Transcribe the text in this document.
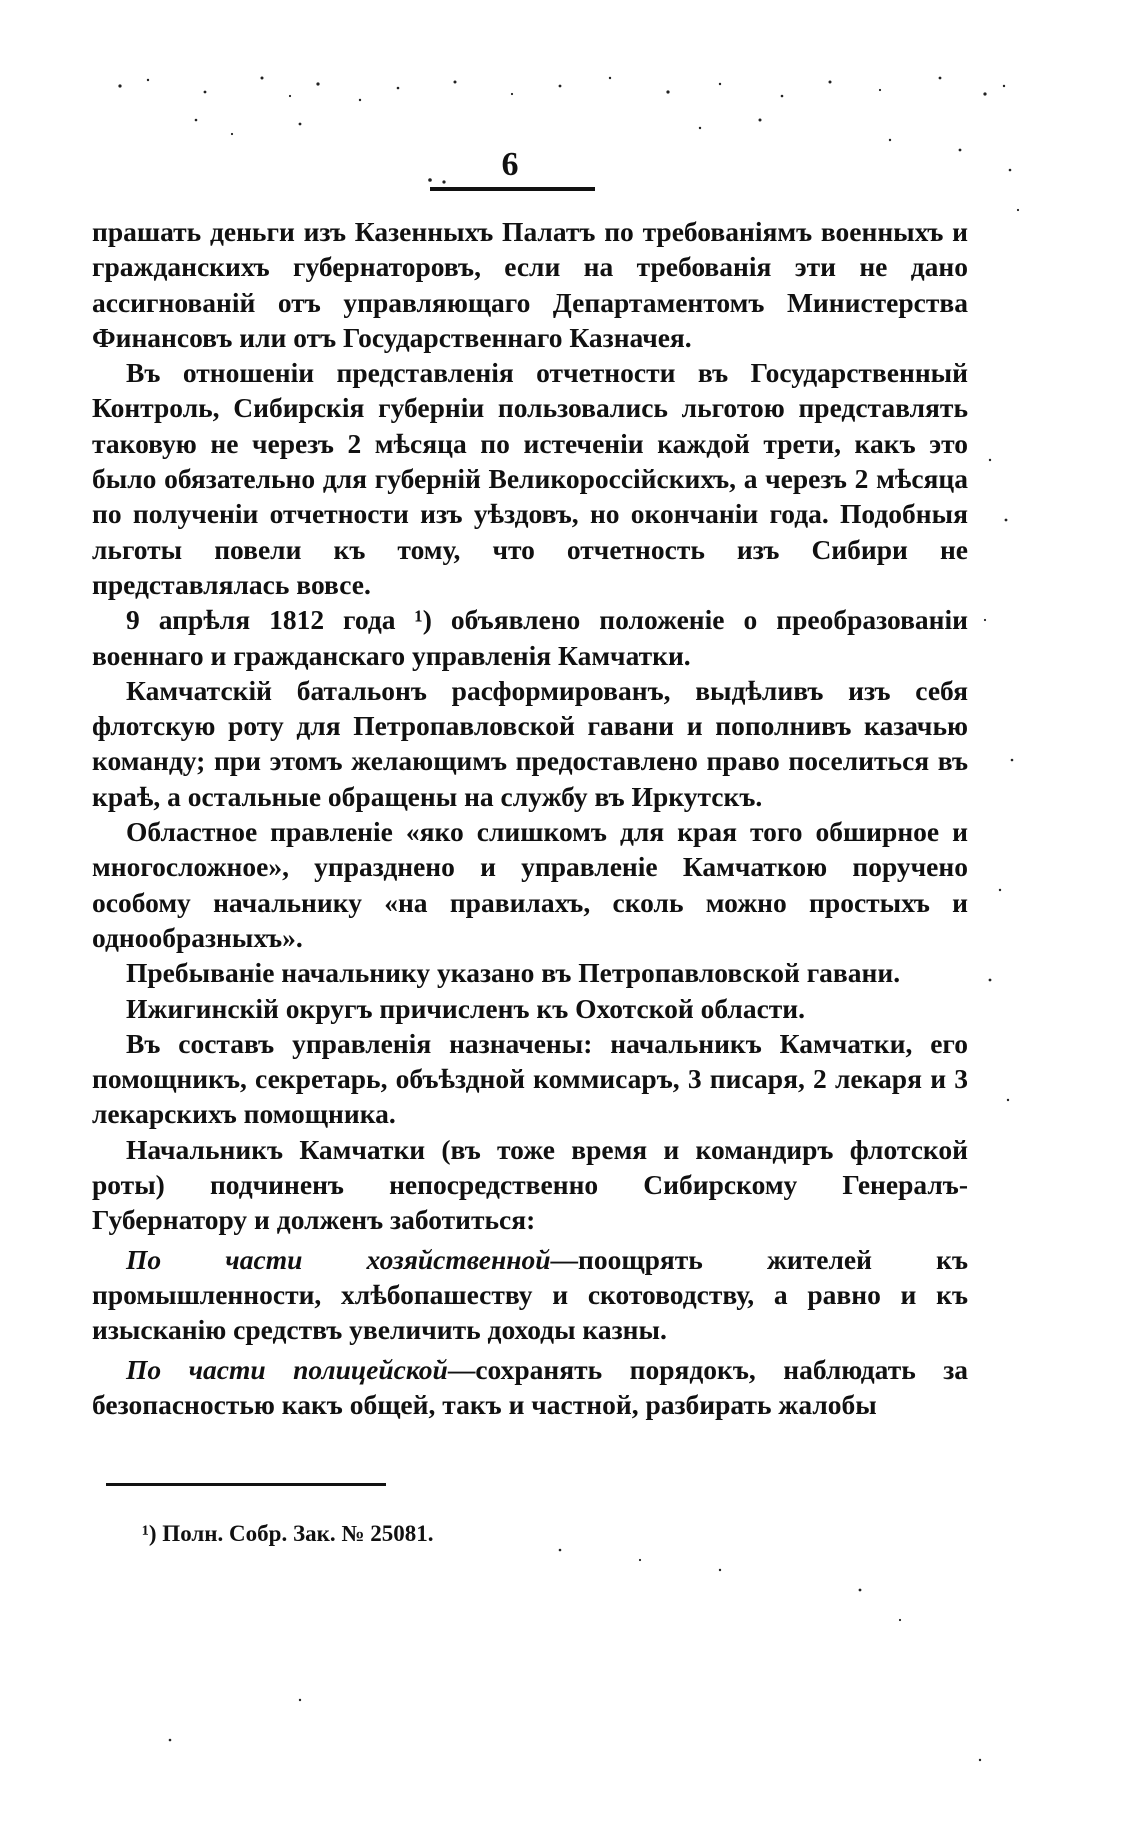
6

прашать деньги изъ Казенныхъ Палатъ по требованіямъ военныхъ и гражданскихъ губернаторовъ, если на требованія эти не дано ассигнованій отъ управляющаго Департаментомъ Министерства Финансовъ или отъ Государственнаго Казначея.

Въ отношеніи представленія отчетности въ Государственный Контроль, Сибирскія губерніи пользовались льготою представлять таковую не черезъ 2 мѣсяца по истеченіи каждой трети, какъ это было обязательно для губерній Великороссійскихъ, а черезъ 2 мѣсяца по полученіи отчетности изъ уѣздовъ, но окончаніи года. Подобныя льготы повели къ тому, что отчетность изъ Сибири не представлялась вовсе.

9 апрѣля 1812 года ¹) объявлено положеніе о преобразованіи военнаго и гражданскаго управленія Камчатки.

Камчатскій батальонъ расформированъ, выдѣливъ изъ себя флотскую роту для Петропавловской гавани и пополнивъ казачью команду; при этомъ желающимъ предоставлено право поселиться въ краѣ, а остальные обращены на службу въ Иркутскъ.

Областное правленіе «яко слишкомъ для края того обширное и многосложное», упразднено и управленіе Камчаткою поручено особому начальнику «на правилахъ, сколь можно простыхъ и однообразныхъ».

Пребываніе начальнику указано въ Петропавловской гавани.

Ижигинскій округъ причисленъ къ Охотской области.

Въ составъ управленія назначены: начальникъ Камчатки, его помощникъ, секретарь, объѣздной коммисаръ, 3 писаря, 2 лекаря и 3 лекарскихъ помощника.

Начальникъ Камчатки (въ тоже время и командиръ флотской роты) подчиненъ непосредственно Сибирскому Генералъ-Губернатору и долженъ заботиться:

По части хозяйственной—поощрять жителей къ промышленности, хлѣбопашеству и скотоводству, а равно и къ изысканію средствъ увеличить доходы казны.

По части полицейской—сохранять порядокъ, наблюдать за безопасностью какъ общей, такъ и частной, разбирать жалобы

¹) Полн. Собр. Зак. № 25081.
